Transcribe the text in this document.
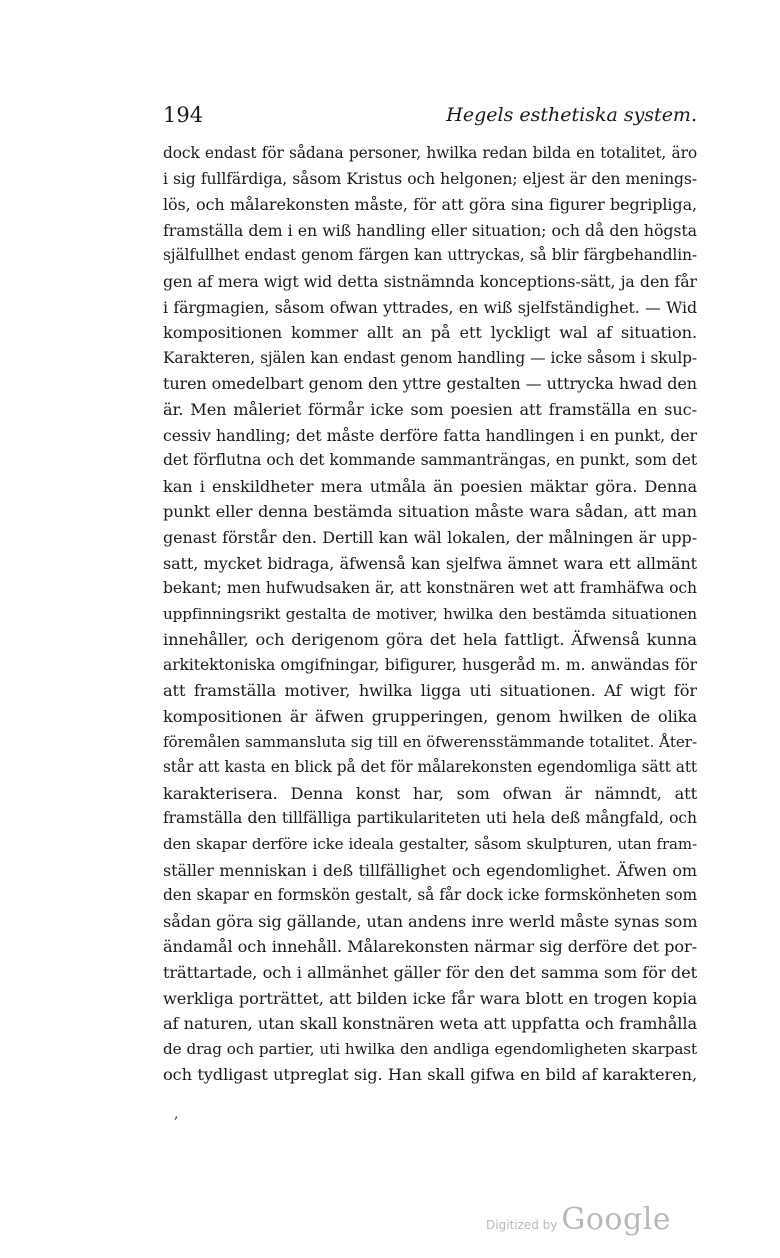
194	Hegels esthetiska system.
dock endast för sådana personer, hwilka redan bilda en totalitet, äro
i sig fullfärdiga, såsom Kristus och helgonen; eljest är den menings-
lös, och målarekonsten måste, för att göra sina figurer begripliga,
framställa dem i en wiß handling eller situation; och då den högsta
själfullhet endast genom färgen kan uttryckas, så blir färgbehandlin-
gen af mera wigt wid detta sistnämnda konceptions-sätt, ja den får
i färgmagien, såsom ofwan yttrades, en wiß sjelfständighet. — Wid
kompositionen kommer allt an på ett lyckligt wal af situation.
Karakteren, själen kan endast genom handling — icke såsom i skulp-
turen omedelbart genom den yttre gestalten — uttrycka hwad den
är. Men måleriet förmår icke som poesien att framställa en suc-
cessiv handling; det måste derföre fatta handlingen i en punkt, der
det förflutna och det kommande sammanträngas, en punkt, som det
kan i enskildheter mera utmåla än poesien mäktar göra. Denna
punkt eller denna bestämda situation måste wara sådan, att man
genast förstår den. Dertill kan wäl lokalen, der målningen är upp-
satt, mycket bidraga, äfwenså kan sjelfwa ämnet wara ett allmänt
bekant; men hufwudsaken är, att konstnären wet att framhäfwa och
uppfinningsrikt gestalta de motiver, hwilka den bestämda situationen
innehåller, och derigenom göra det hela fattligt. Äfwenså kunna
arkitektoniska omgifningar, bifigurer, husgeråd m. m. anwändas för
att framställa motiver, hwilka ligga uti situationen. Af wigt för
kompositionen är äfwen grupperingen, genom hwilken de olika
föremålen sammansluta sig till en öfwerensstämmande totalitet. Åter-
står att kasta en blick på det för målarekonsten egendomliga sätt att
karakterisera. Denna konst har, som ofwan är nämndt, att
framställa den tillfälliga partikulariteten uti hela deß mångfald, och
den skapar derföre icke ideala gestalter, såsom skulpturen, utan fram-
ställer menniskan i deß tillfällighet och egendomlighet. Äfwen om
den skapar en formskön gestalt, så får dock icke formskönheten som
sådan göra sig gällande, utan andens inre werld måste synas som
ändamål och innehåll. Målarekonsten närmar sig derföre det por-
trättartade, och i allmänhet gäller för den det samma som för det
werkliga porträttet, att bilden icke får wara blott en trogen kopia
af naturen, utan skall konstnären weta att uppfatta och framhålla
de drag och partier, uti hwilka den andliga egendomligheten skarpast
och tydligast utpreglat sig. Han skall gifwa en bild af karakteren,
,
Digitized by Google
